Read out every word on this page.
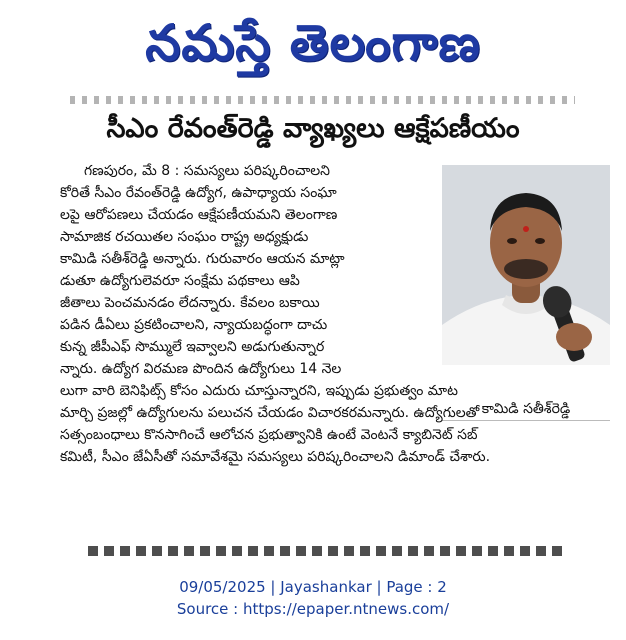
నమస్తే తెలంగాణ
సీఎం రేవంత్‌రెడ్డి వ్యాఖ్యలు ఆక్షేపణీయం
కామిడి సతీశ్‌రెడ్డి
గణపురం, మే 8 : సమస్యలు పరిష్కరించాలని
కోరితే సీఎం రేవంత్‌రెడ్డి ఉద్యోగ, ఉపాధ్యాయ సంఘా
లపై ఆరోపణలు చేయడం ఆక్షేపణీయమని తెలంగాణ
సామాజిక రచయితల సంఘం రాష్ట్ర అధ్యక్షుడు
కామిడి సతీశ్‌రెడ్డి అన్నారు. గురువారం ఆయన మాట్లా
డుతూ ఉద్యోగులెవరూ సంక్షేమ పథకాలు ఆపి
జీతాలు పెంచమనడం లేదన్నారు. కేవలం బకాయి
పడిన డీఏలు ప్రకటించాలని, న్యాయబద్ధంగా దాచు
కున్న జీపీఎఫ్ సొమ్ములే ఇవ్వాలని అడుగుతున్నార
న్నారు. ఉద్యోగ విరమణ పొందిన ఉద్యోగులు 14 నెల
లుగా వారి బెనిఫిట్స్ కోసం ఎదురు చూస్తున్నారని, ఇప్పుడు ప్రభుత్వం మాట
మార్చి ప్రజల్లో ఉద్యోగులను పలుచన చేయడం విచారకరమన్నారు. ఉద్యోగులతో
సత్సంబంధాలు కొనసాగించే ఆలోచన ప్రభుత్వానికి ఉంటే వెంటనే క్యాబినెట్ సబ్
కమిటీ, సీఎం జేఏసీతో సమావేశమై సమస్యలు పరిష్కరించాలని డిమాండ్ చేశారు.
09/05/2025 | Jayashankar | Page : 2
Source : https://epaper.ntnews.com/
